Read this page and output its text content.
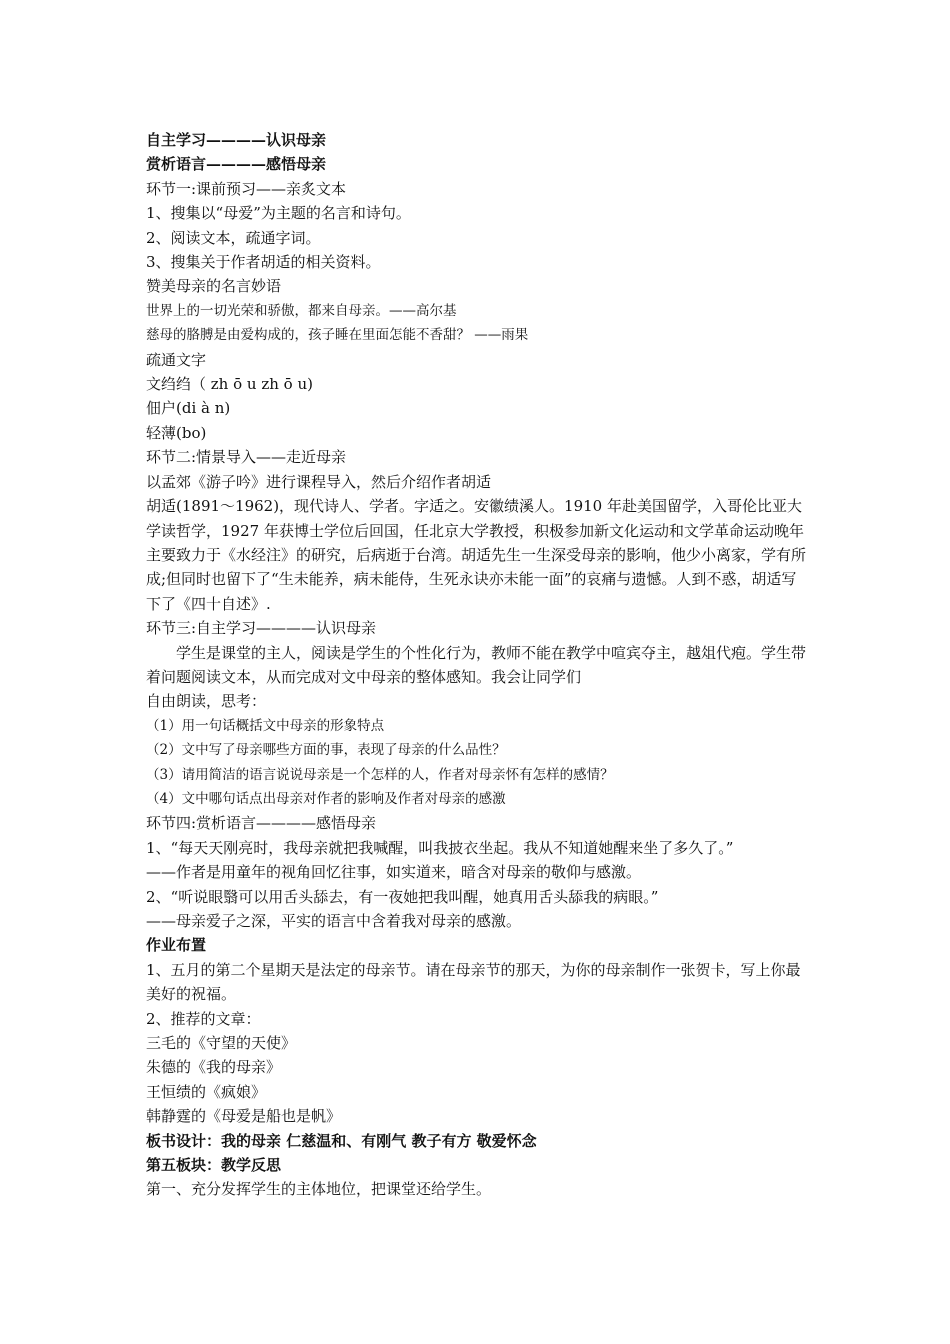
自主学习————认识母亲

赏析语言————感悟母亲

环节一:课前预习——亲炙文本

1、搜集以“母爱”为主题的名言和诗句。

2、阅读文本，疏通字词。

3、搜集关于作者胡适的相关资料。

赞美母亲的名言妙语

世界上的一切光荣和骄傲，都来自母亲。——高尔基

慈母的胳膊是由爱构成的，孩子睡在里面怎能不香甜？ ——雨果

疏通文字

文绉绉（ zh ō u zh ō u)

佃户(di à n)

轻薄(bo)

环节二:情景导入——走近母亲

以孟郊《游子吟》进行课程导入，然后介绍作者胡适

胡适(1891～1962)，现代诗人、学者。字适之。安徽绩溪人。1910 年赴美国留学，入哥伦比亚大学读哲学，1927 年获博士学位后回国，任北京大学教授，积极参加新文化运动和文学革命运动晚年主要致力于《水经注》的研究，后病逝于台湾。胡适先生一生深受母亲的影响，他少小离家，学有所成;但同时也留下了“生未能养，病未能侍，生死永诀亦未能一面”的哀痛与遗憾。人到不惑，胡适写下了《四十自述》.

环节三:自主学习————认识母亲

学生是课堂的主人，阅读是学生的个性化行为，教师不能在教学中喧宾夺主，越俎代疱。学生带着问题阅读文本，从而完成对文中母亲的整体感知。我会让同学们

自由朗读，思考：

（1）用一句话概括文中母亲的形象特点

（2）文中写了母亲哪些方面的事，表现了母亲的什么品性？

（3）请用简洁的语言说说母亲是一个怎样的人，作者对母亲怀有怎样的感情？

（4）文中哪句话点出母亲对作者的影响及作者对母亲的感激

环节四:赏析语言————感悟母亲

1、“每天天刚亮时，我母亲就把我喊醒，叫我披衣坐起。我从不知道她醒来坐了多久了。”

——作者是用童年的视角回忆往事，如实道来，暗含对母亲的敬仰与感激。

2、“听说眼翳可以用舌头舔去，有一夜她把我叫醒，她真用舌头舔我的病眼。”

——母亲爱子之深，平实的语言中含着我对母亲的感激。

作业布置

1、五月的第二个星期天是法定的母亲节。请在母亲节的那天，为你的母亲制作一张贺卡，写上你最美好的祝福。

2、推荐的文章：

三毛的《守望的天使》

朱德的《我的母亲》

王恒绩的《疯娘》

韩静霆的《母爱是船也是帆》

板书设计：我的母亲 仁慈温和、有刚气 教子有方 敬爱怀念

第五板块：教学反思

第一、充分发挥学生的主体地位，把课堂还给学生。
